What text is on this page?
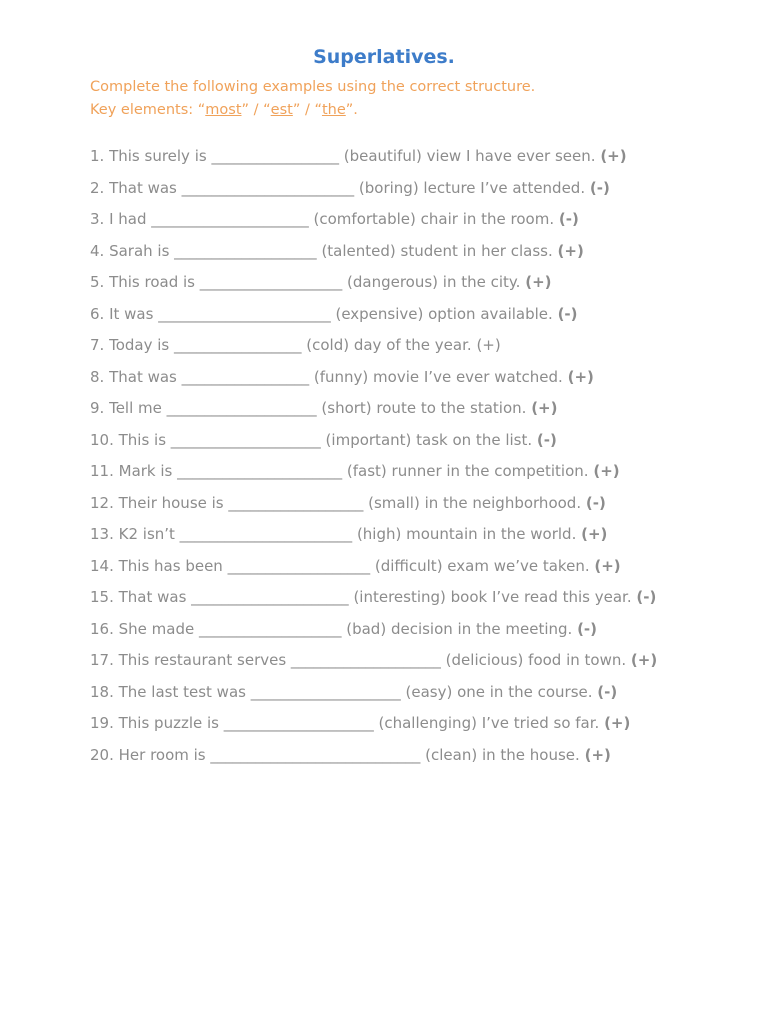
Superlatives.
Complete the following examples using the correct structure.
Key elements: “most” / “est” / “the”.
1. This surely is _________________ (beautiful) view I have ever seen. (+)
2. That was _______________________ (boring) lecture I’ve attended. (-)
3. I had _____________________ (comfortable) chair in the room. (-)
4. Sarah is ___________________ (talented) student in her class. (+)
5. This road is ___________________ (dangerous) in the city. (+)
6. It was _______________________ (expensive) option available. (-)
7. Today is _________________ (cold) day of the year. (+)
8. That was _________________ (funny) movie I’ve ever watched. (+)
9. Tell me ____________________ (short) route to the station. (+)
10. This is ____________________ (important) task on the list. (-)
11. Mark is ______________________ (fast) runner in the competition. (+)
12. Their house is __________________ (small) in the neighborhood. (-)
13. K2 isn’t _______________________ (high) mountain in the world. (+)
14. This has been ___________________ (difficult) exam we’ve taken. (+)
15. That was _____________________ (interesting) book I’ve read this year. (-)
16. She made ___________________ (bad) decision in the meeting. (-)
17. This restaurant serves ____________________ (delicious) food in town. (+)
18. The last test was ____________________ (easy) one in the course. (-)
19. This puzzle is ____________________ (challenging) I’ve tried so far. (+)
20. Her room is ____________________________ (clean) in the house. (+)
